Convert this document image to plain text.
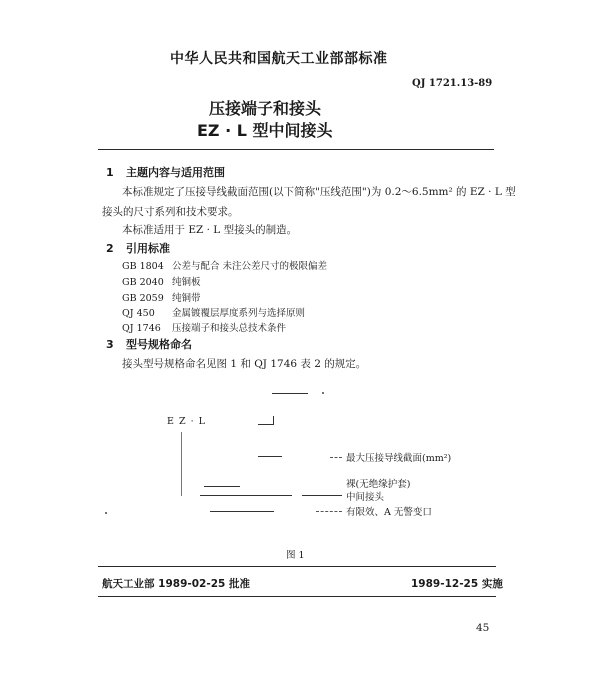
中华人民共和国航天工业部部标准
QJ 1721.13-89
压接端子和接头
EZ · L 型中间接头
1 主题内容与适用范围
本标准规定了压接导线截面范围(以下简称"压线范围")为 0.2～6.5mm² 的 EZ · L 型
接头的尺寸系列和技术要求。
本标准适用于 EZ · L 型接头的制造。
2 引用标准
GB 1804 公差与配合 未注公差尺寸的极限偏差
GB 2040 纯铜板
GB 2059 纯铜带
QJ 450 金属镀覆层厚度系列与选择原则
QJ 1746 压接端子和接头总技术条件
3 型号规格命名
接头型号规格命名见图 1 和 QJ 1746 表 2 的规定。
E Z · L
最大压接导线截面(mm²)
裸(无绝缘护套)
中间接头
有限效、A 无警变口
图 1
航天工业部 1989-02-25 批准	1989-12-25 实施
45
